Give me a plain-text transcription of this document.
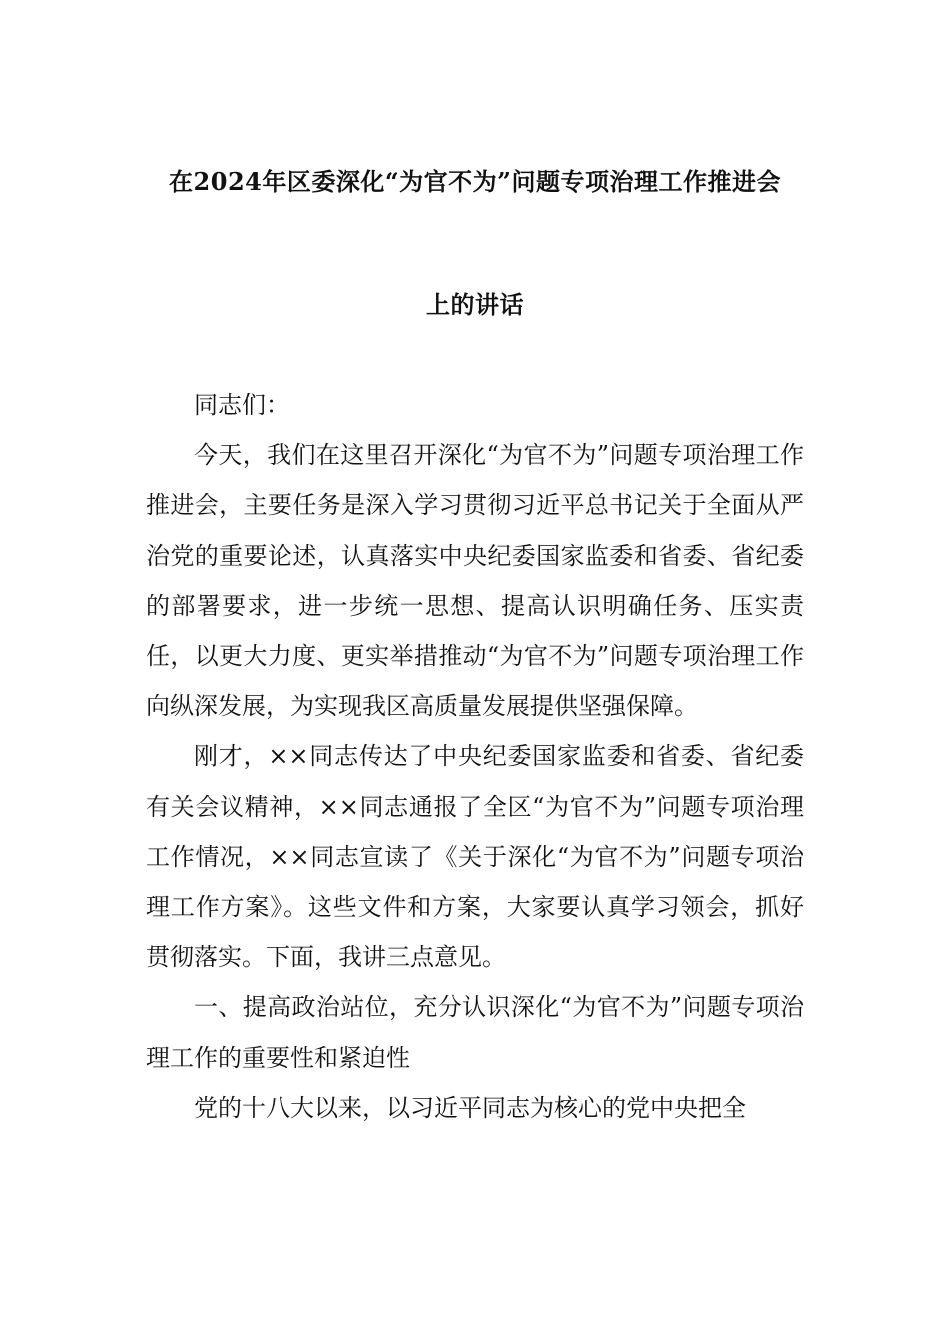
在2024年区委深化“为官不为”问题专项治理工作推进会
上的讲话

同志们：

今天，我们在这里召开深化“为官不为”问题专项治理工作推进会，主要任务是深入学习贯彻习近平总书记关于全面从严治党的重要论述，认真落实中央纪委国家监委和省委、省纪委的部署要求，进一步统一思想、提高认识明确任务、压实责任，以更大力度、更实举措推动“为官不为”问题专项治理工作向纵深发展，为实现我区高质量发展提供坚强保障。

刚才，××同志传达了中央纪委国家监委和省委、省纪委有关会议精神，××同志通报了全区“为官不为”问题专项治理工作情况，××同志宣读了《关于深化“为官不为”问题专项治理工作方案》。这些文件和方案，大家要认真学习领会，抓好贯彻落实。下面，我讲三点意见。

一、提高政治站位，充分认识深化“为官不为”问题专项治理工作的重要性和紧迫性

党的十八大以来，以习近平同志为核心的党中央把全
